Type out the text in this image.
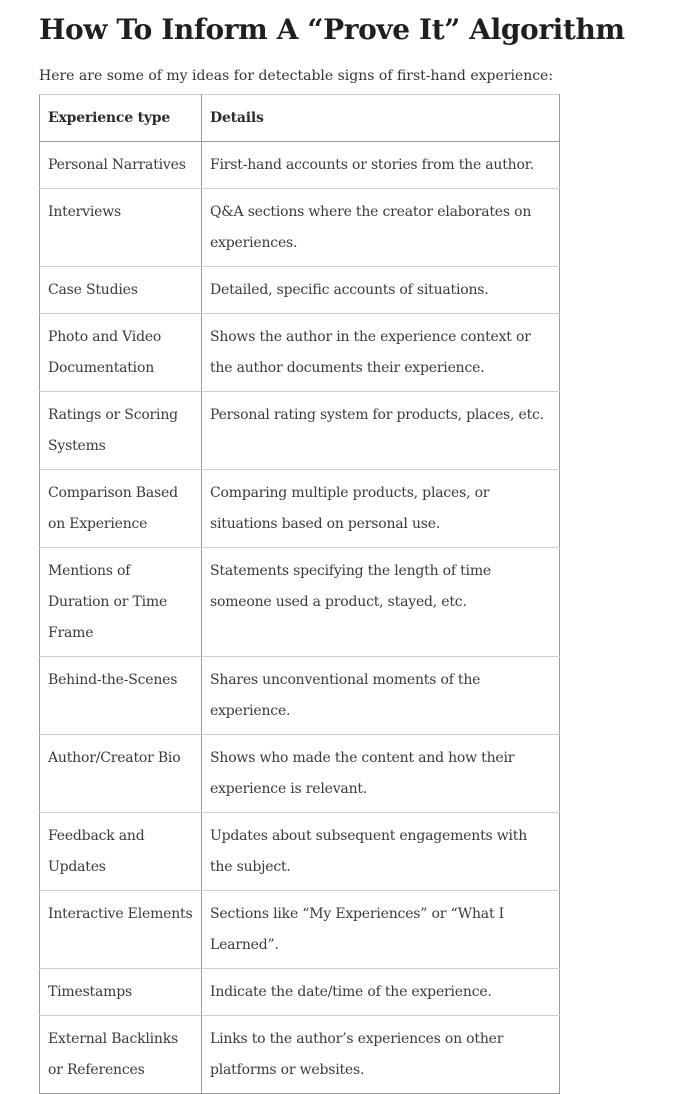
How To Inform A “Prove It” Algorithm

Here are some of my ideas for detectable signs of first-hand experience:

Experience type	Details
Personal Narratives	First-hand accounts or stories from the author.
Interviews	Q&A sections where the creator elaborates on experiences.
Case Studies	Detailed, specific accounts of situations.
Photo and Video Documentation	Shows the author in the experience context or the author documents their experience.
Ratings or Scoring Systems	Personal rating system for products, places, etc.
Comparison Based on Experience	Comparing multiple products, places, or situations based on personal use.
Mentions of Duration or Time Frame	Statements specifying the length of time someone used a product, stayed, etc.
Behind-the-Scenes	Shares unconventional moments of the experience.
Author/Creator Bio	Shows who made the content and how their experience is relevant.
Feedback and Updates	Updates about subsequent engagements with the subject.
Interactive Elements	Sections like “My Experiences” or “What I Learned”.
Timestamps	Indicate the date/time of the experience.
External Backlinks or References	Links to the author’s experiences on other platforms or websites.
